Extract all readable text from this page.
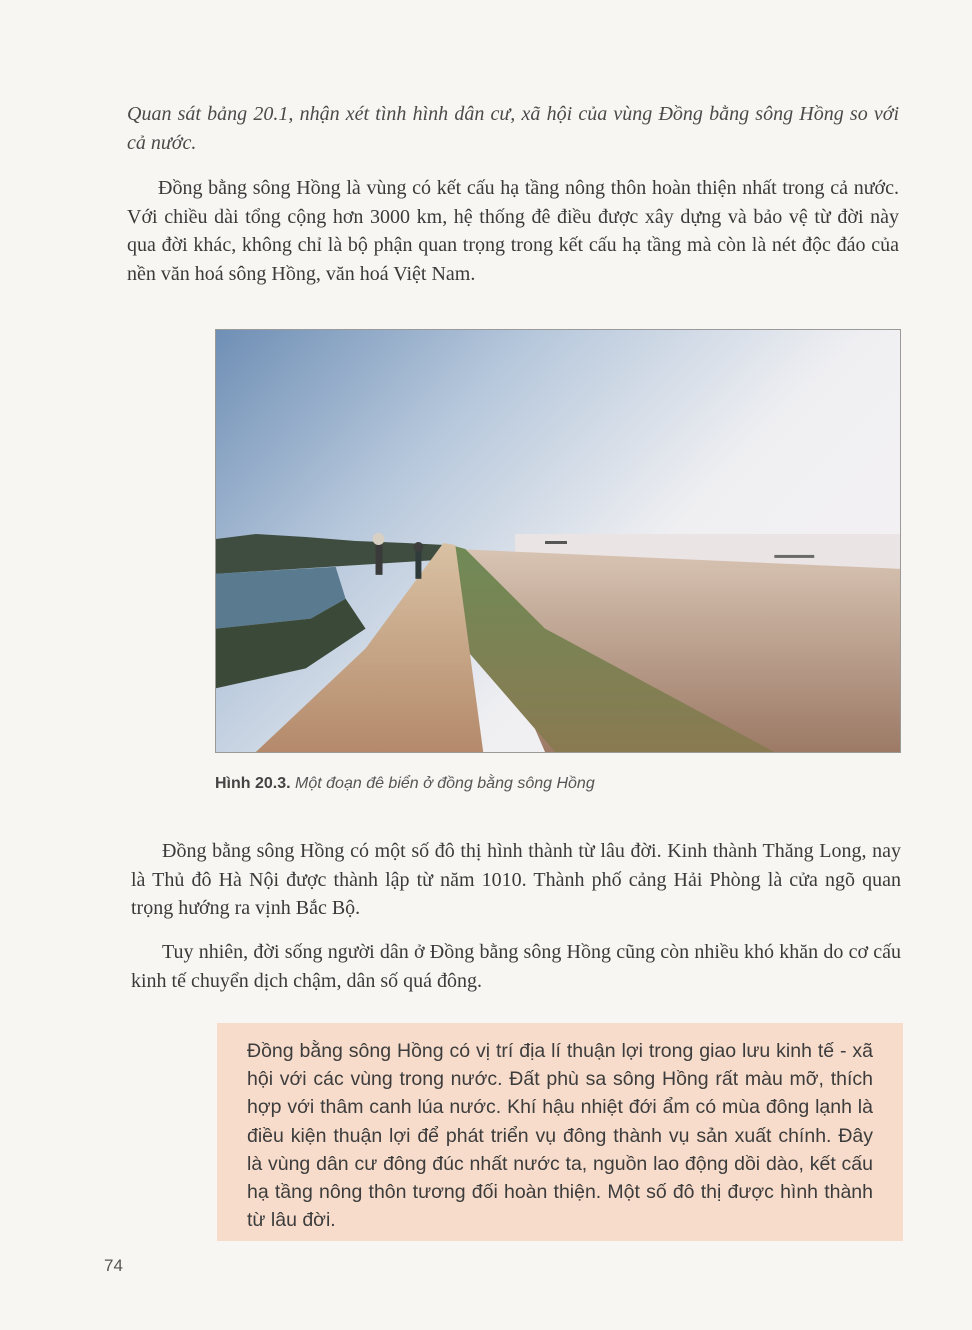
Quan sát bảng 20.1, nhận xét tình hình dân cư, xã hội của vùng Đồng bằng sông Hồng so với cả nước.

Đồng bằng sông Hồng là vùng có kết cấu hạ tầng nông thôn hoàn thiện nhất trong cả nước. Với chiều dài tổng cộng hơn 3000 km, hệ thống đê điều được xây dựng và bảo vệ từ đời này qua đời khác, không chỉ là bộ phận quan trọng trong kết cấu hạ tầng mà còn là nét độc đáo của nền văn hoá sông Hồng, văn hoá Việt Nam.

Hình 20.3. Một đoạn đê biển ở đồng bằng sông Hồng

Đồng bằng sông Hồng có một số đô thị hình thành từ lâu đời. Kinh thành Thăng Long, nay là Thủ đô Hà Nội được thành lập từ năm 1010. Thành phố cảng Hải Phòng là cửa ngõ quan trọng hướng ra vịnh Bắc Bộ.

Tuy nhiên, đời sống người dân ở Đồng bằng sông Hồng cũng còn nhiều khó khăn do cơ cấu kinh tế chuyển dịch chậm, dân số quá đông.

Đồng bằng sông Hồng có vị trí địa lí thuận lợi trong giao lưu kinh tế - xã hội với các vùng trong nước. Đất phù sa sông Hồng rất màu mỡ, thích hợp với thâm canh lúa nước. Khí hậu nhiệt đới ẩm có mùa đông lạnh là điều kiện thuận lợi để phát triển vụ đông thành vụ sản xuất chính. Đây là vùng dân cư đông đúc nhất nước ta, nguồn lao động dồi dào, kết cấu hạ tầng nông thôn tương đối hoàn thiện. Một số đô thị được hình thành từ lâu đời.

74
